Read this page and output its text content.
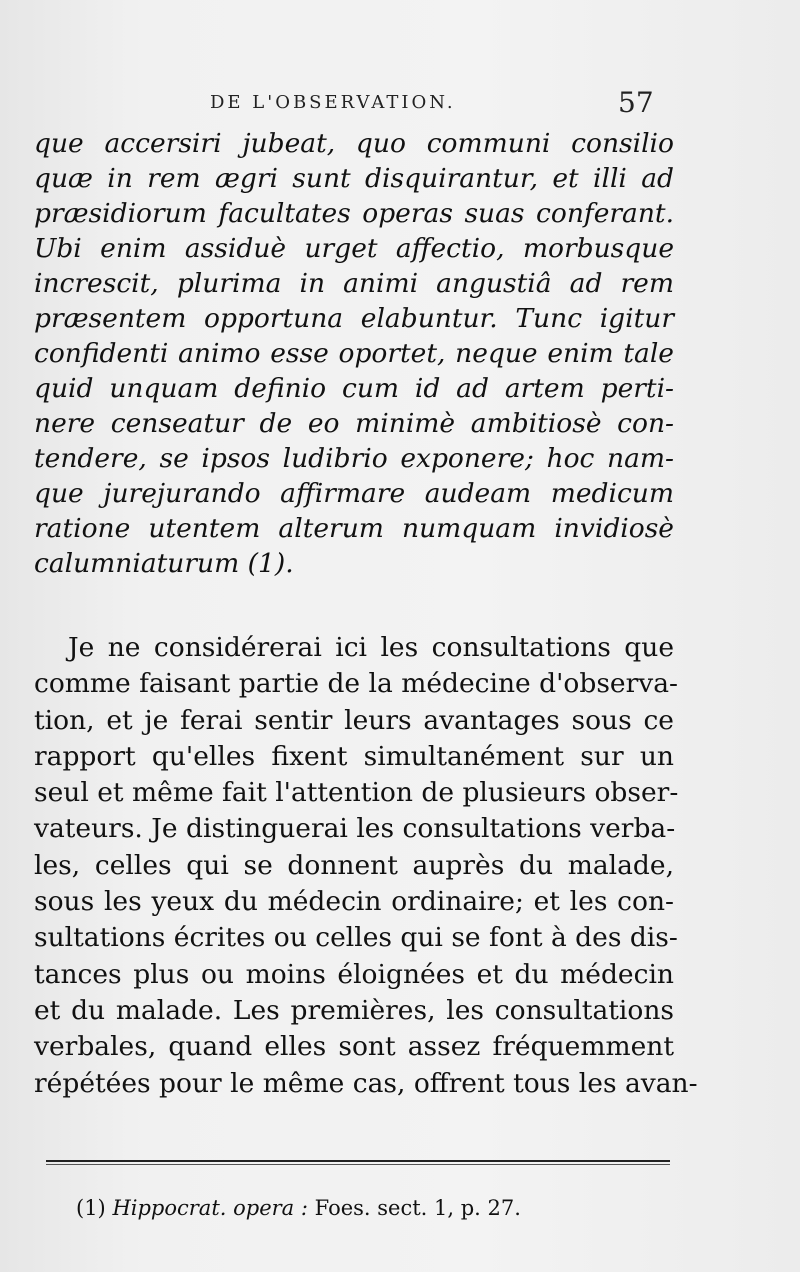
DE L'OBSERVATION.	57
que accersiri jubeat, quo communi consilio
quæ in rem ægri sunt disquirantur, et illi ad
præsidiorum facultates operas suas conferant.
Ubi enim assiduè urget affectio, morbusque
increscit, plurima in animi angustiâ ad rem
præsentem opportuna elabuntur. Tunc igitur
confidenti animo esse oportet, neque enim tale
quid unquam definio cum id ad artem perti-
nere censeatur de eo minimè ambitiosè con-
tendere, se ipsos ludibrio exponere; hoc nam-
que jurejurando affirmare audeam medicum
ratione utentem alterum numquam invidiosè
calumniaturum (1).
Je ne considérerai ici les consultations que
comme faisant partie de la médecine d'observa-
tion, et je ferai sentir leurs avantages sous ce
rapport qu'elles fixent simultanément sur un
seul et même fait l'attention de plusieurs obser-
vateurs. Je distinguerai les consultations verba-
les, celles qui se donnent auprès du malade,
sous les yeux du médecin ordinaire; et les con-
sultations écrites ou celles qui se font à des dis-
tances plus ou moins éloignées et du médecin
et du malade. Les premières, les consultations
verbales, quand elles sont assez fréquemment
répétées pour le même cas, offrent tous les avan-
(1) Hippocrat. opera : Foes. sect. 1, p. 27.
